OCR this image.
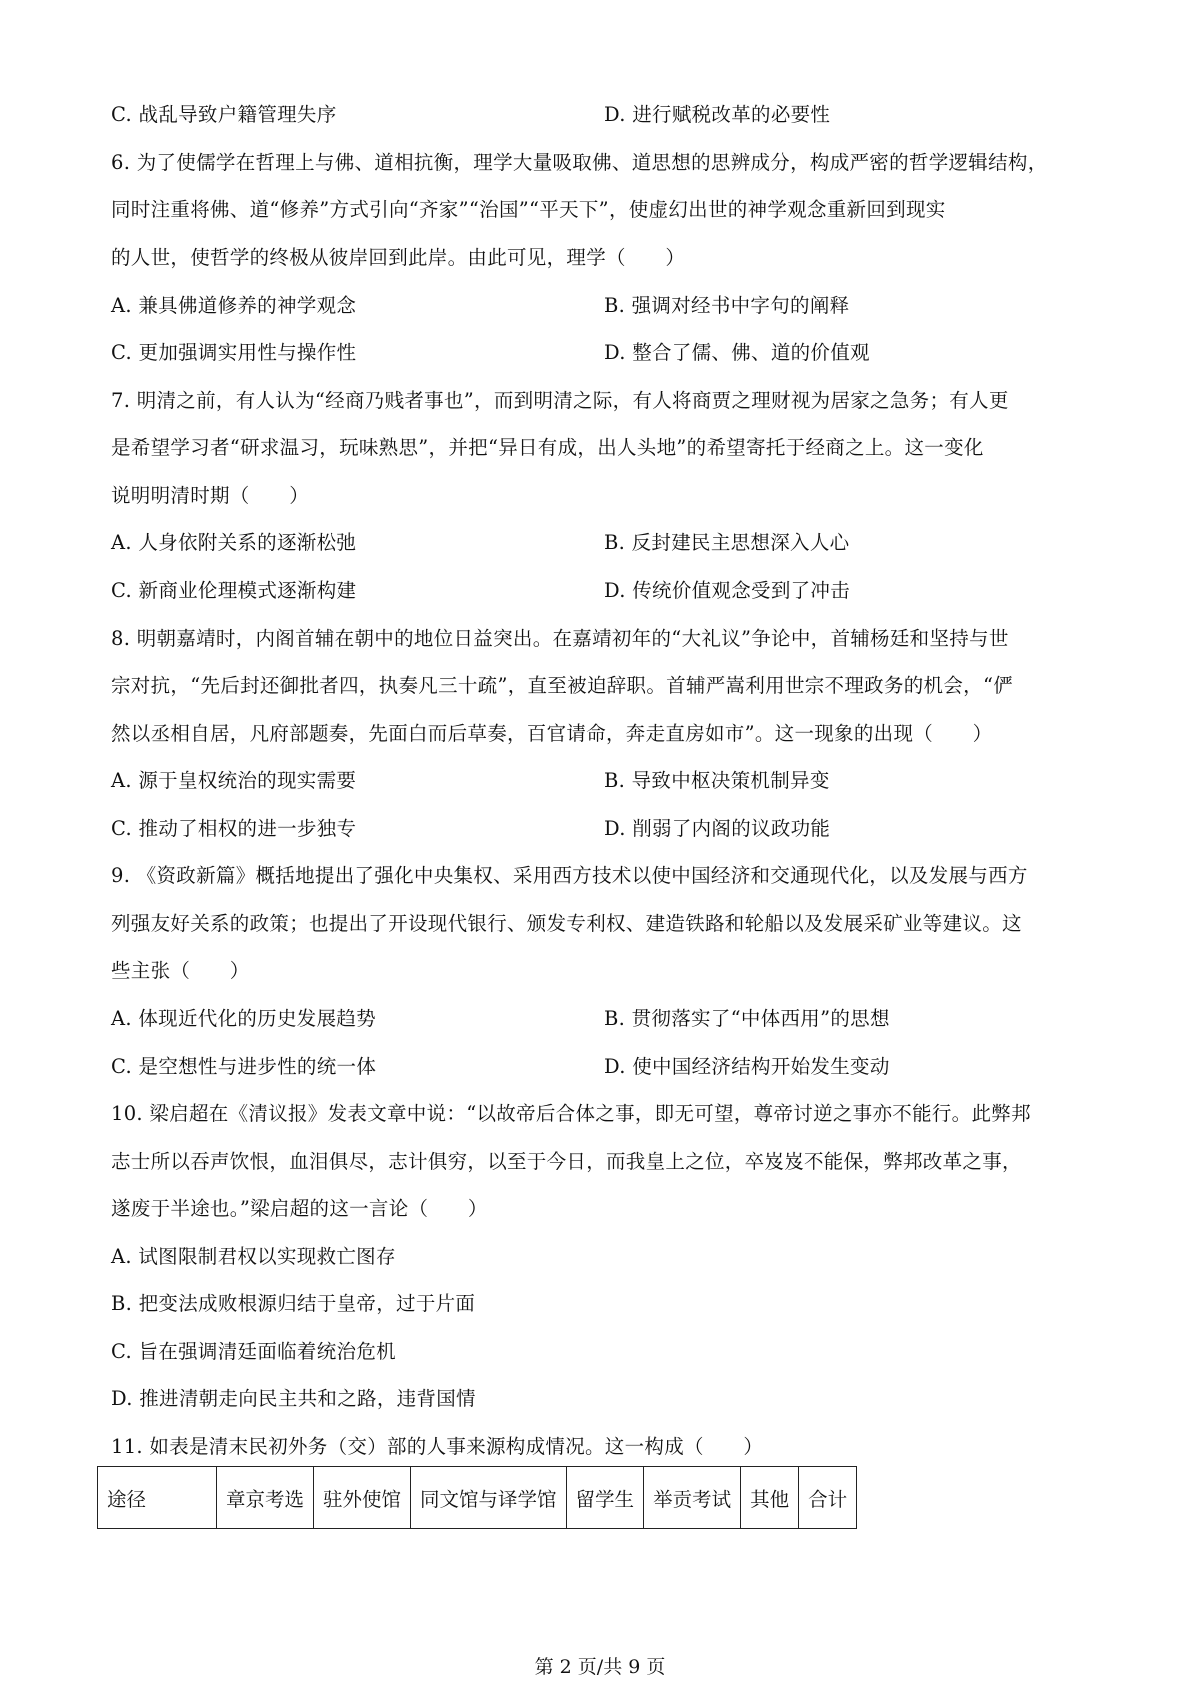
C. 战乱导致户籍管理失序	D. 进行赋税改革的必要性
6. 为了使儒学在哲理上与佛、道相抗衡，理学大量吸取佛、道思想的思辨成分，构成严密的哲学逻辑结构，
同时注重将佛、道“修养”方式引向“齐家”“治国”“平天下”，使虚幻出世的神学观念重新回到现实
的人世，使哲学的终极从彼岸回到此岸。由此可见，理学（　　）
A. 兼具佛道修养的神学观念	B. 强调对经书中字句的阐释
C. 更加强调实用性与操作性	D. 整合了儒、佛、道的价值观
7. 明清之前，有人认为“经商乃贱者事也”，而到明清之际，有人将商贾之理财视为居家之急务；有人更
是希望学习者“研求温习，玩味熟思”，并把“异日有成，出人头地”的希望寄托于经商之上。这一变化
说明明清时期（　　）
A. 人身依附关系的逐渐松弛	B. 反封建民主思想深入人心
C. 新商业伦理模式逐渐构建	D. 传统价值观念受到了冲击
8. 明朝嘉靖时，内阁首辅在朝中的地位日益突出。在嘉靖初年的“大礼议”争论中，首辅杨廷和坚持与世
宗对抗，“先后封还御批者四，执奏凡三十疏”，直至被迫辞职。首辅严嵩利用世宗不理政务的机会，“俨
然以丞相自居，凡府部题奏，先面白而后草奏，百官请命，奔走直房如市”。这一现象的出现（　　）
A. 源于皇权统治的现实需要	B. 导致中枢决策机制异变
C. 推动了相权的进一步独专	D. 削弱了内阁的议政功能
9. 《资政新篇》概括地提出了强化中央集权、采用西方技术以使中国经济和交通现代化，以及发展与西方
列强友好关系的政策；也提出了开设现代银行、颁发专利权、建造铁路和轮船以及发展采矿业等建议。这
些主张（　　）
A. 体现近代化的历史发展趋势	B. 贯彻落实了“中体西用”的思想
C. 是空想性与进步性的统一体	D. 使中国经济结构开始发生变动
10. 梁启超在《清议报》发表文章中说：“以故帝后合体之事，即无可望，尊帝讨逆之事亦不能行。此弊邦
志士所以吞声饮恨，血泪俱尽，志计俱穷，以至于今日，而我皇上之位，卒岌岌不能保，弊邦改革之事，
遂废于半途也。”梁启超的这一言论（　　）
A. 试图限制君权以实现救亡图存
B. 把变法成败根源归结于皇帝，过于片面
C. 旨在强调清廷面临着统治危机
D. 推进清朝走向民主共和之路，违背国情
11. 如表是清末民初外务（交）部的人事来源构成情况。这一构成（　　）
途径	章京考选	驻外使馆	同文馆与译学馆	留学生	举贡考试	其他	合计
第 2 页/共 9 页
